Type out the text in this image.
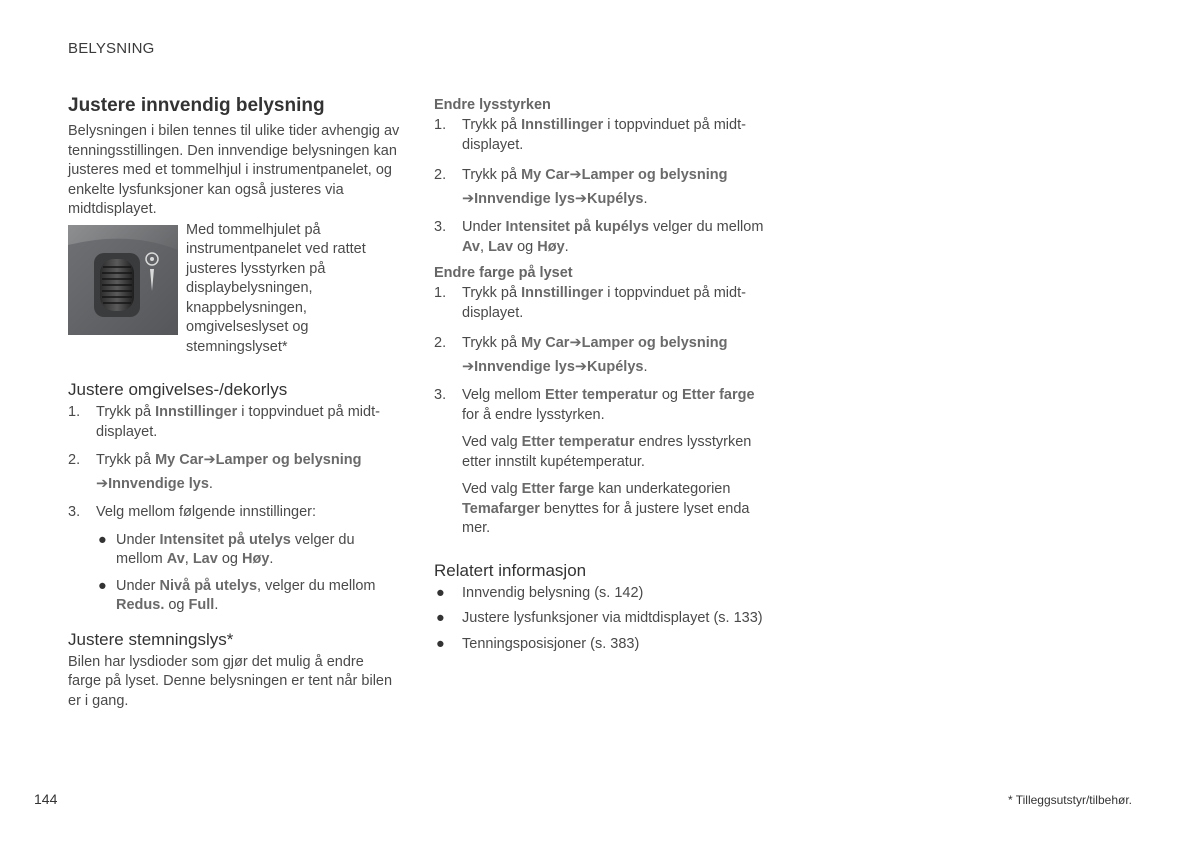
BELYSNING
Justere innvendig belysning

Belysningen i bilen tennes til ulike tider avhengig av tenningsstillingen. Den innvendige belysningen kan justeres med et tommelhjul i instrumentpanelet, og enkelte lysfunksjoner kan også justeres via midtdisplayet.

Med tommelhjulet på instrumentpanelet ved rattet justeres lysstyrken på displaybelysningen, knappbelysningen, omgivelseslyset og stemningslyset*
Justere omgivelses-/dekorlys
1. Trykk på Innstillinger i toppvinduet på midt-displayet.
2. Trykk på My Car➔Lamper og belysning
➔Innvendige lys.
3. Velg mellom følgende innstillinger:
● Under Intensitet på utelys velger du mellom Av, Lav og Høy.
● Under Nivå på utelys, velger du mellom Redus. og Full.
Justere stemningslys*

Bilen har lysdioder som gjør det mulig å endre farge på lyset. Denne belysningen er tent når bilen er i gang.

Endre lysstyrken
1. Trykk på Innstillinger i toppvinduet på midt-displayet.
2. Trykk på My Car➔Lamper og belysning
➔Innvendige lys➔Kupélys.
3. Under Intensitet på kupélys velger du mellom Av, Lav og Høy.
Endre farge på lyset
1. Trykk på Innstillinger i toppvinduet på midt-displayet.
2. Trykk på My Car➔Lamper og belysning
➔Innvendige lys➔Kupélys.
3. Velg mellom Etter temperatur og Etter farge for å endre lysstyrken.

Ved valg Etter temperatur endres lysstyrken etter innstilt kupétemperatur.

Ved valg Etter farge kan underkategorien Temafarger benyttes for å justere lyset enda mer.

Relatert informasjon
● Innvendig belysning (s. 142)
● Justere lysfunksjoner via midtdisplayet (s. 133)
● Tenningsposisjoner (s. 383)
144	* Tilleggsutstyr/tilbehør.
